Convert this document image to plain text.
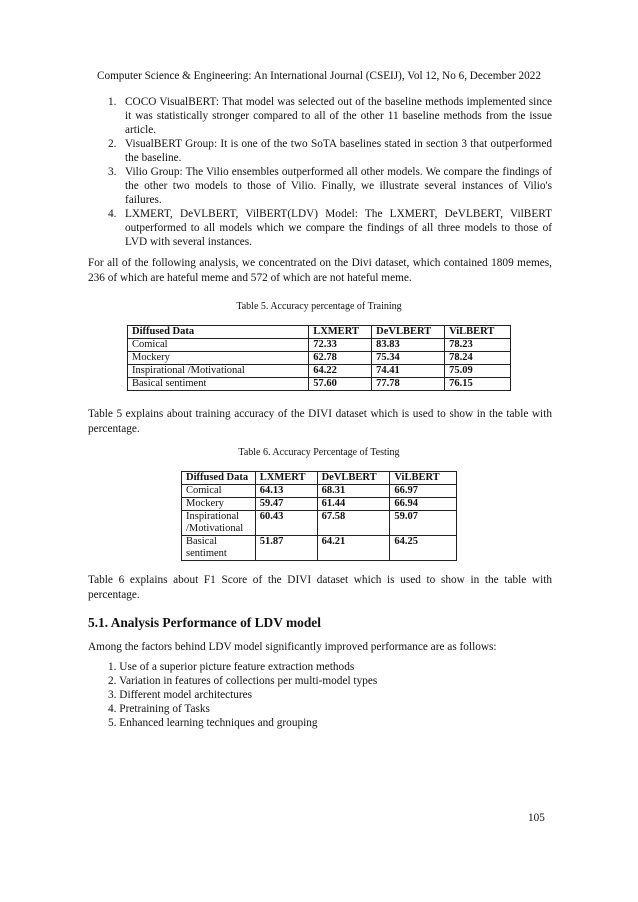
Computer Science & Engineering: An International Journal (CSEIJ), Vol 12, No 6, December 2022
1. COCO VisualBERT: That model was selected out of the baseline methods implemented since it was statistically stronger compared to all of the other 11 baseline methods from the issue article.
2. VisualBERT Group: It is one of the two SoTA baselines stated in section 3 that outperformed the baseline.
3. Vilio Group: The Vilio ensembles outperformed all other models. We compare the findings of the other two models to those of Vilio. Finally, we illustrate several instances of Vilio's failures.
4. LXMERT, DeVLBERT, VilBERT(LDV) Model: The LXMERT, DeVLBERT, VilBERT outperformed to all models which we compare the findings of all three models to those of LVD with several instances.
For all of the following analysis, we concentrated on the Divi dataset, which contained 1809 memes, 236 of which are hateful meme and 572 of which are not hateful meme.
Table 5. Accuracy percentage of Training
Diffused Data	LXMERT	DeVLBERT	ViLBERT
Comical	72.33	83.83	78.23
Mockery	62.78	75.34	78.24
Inspirational /Motivational	64.22	74.41	75.09
Basical sentiment	57.60	77.78	76.15
Table 5 explains about training accuracy of the DIVI dataset which is used to show in the table with percentage.
Table 6. Accuracy Percentage of Testing
Diffused Data	LXMERT	DeVLBERT	ViLBERT
Comical	64.13	68.31	66.97
Mockery	59.47	61.44	66.94
Inspirational /Motivational	60.43	67.58	59.07
Basical sentiment	51.87	64.21	64.25
Table 6 explains about F1 Score of the DIVI dataset which is used to show in the table with percentage.
5.1. Analysis Performance of LDV model
Among the factors behind LDV model significantly improved performance are as follows:
1. Use of a superior picture feature extraction methods
2. Variation in features of collections per multi-model types
3. Different model architectures
4. Pretraining of Tasks
5. Enhanced learning techniques and grouping
105
